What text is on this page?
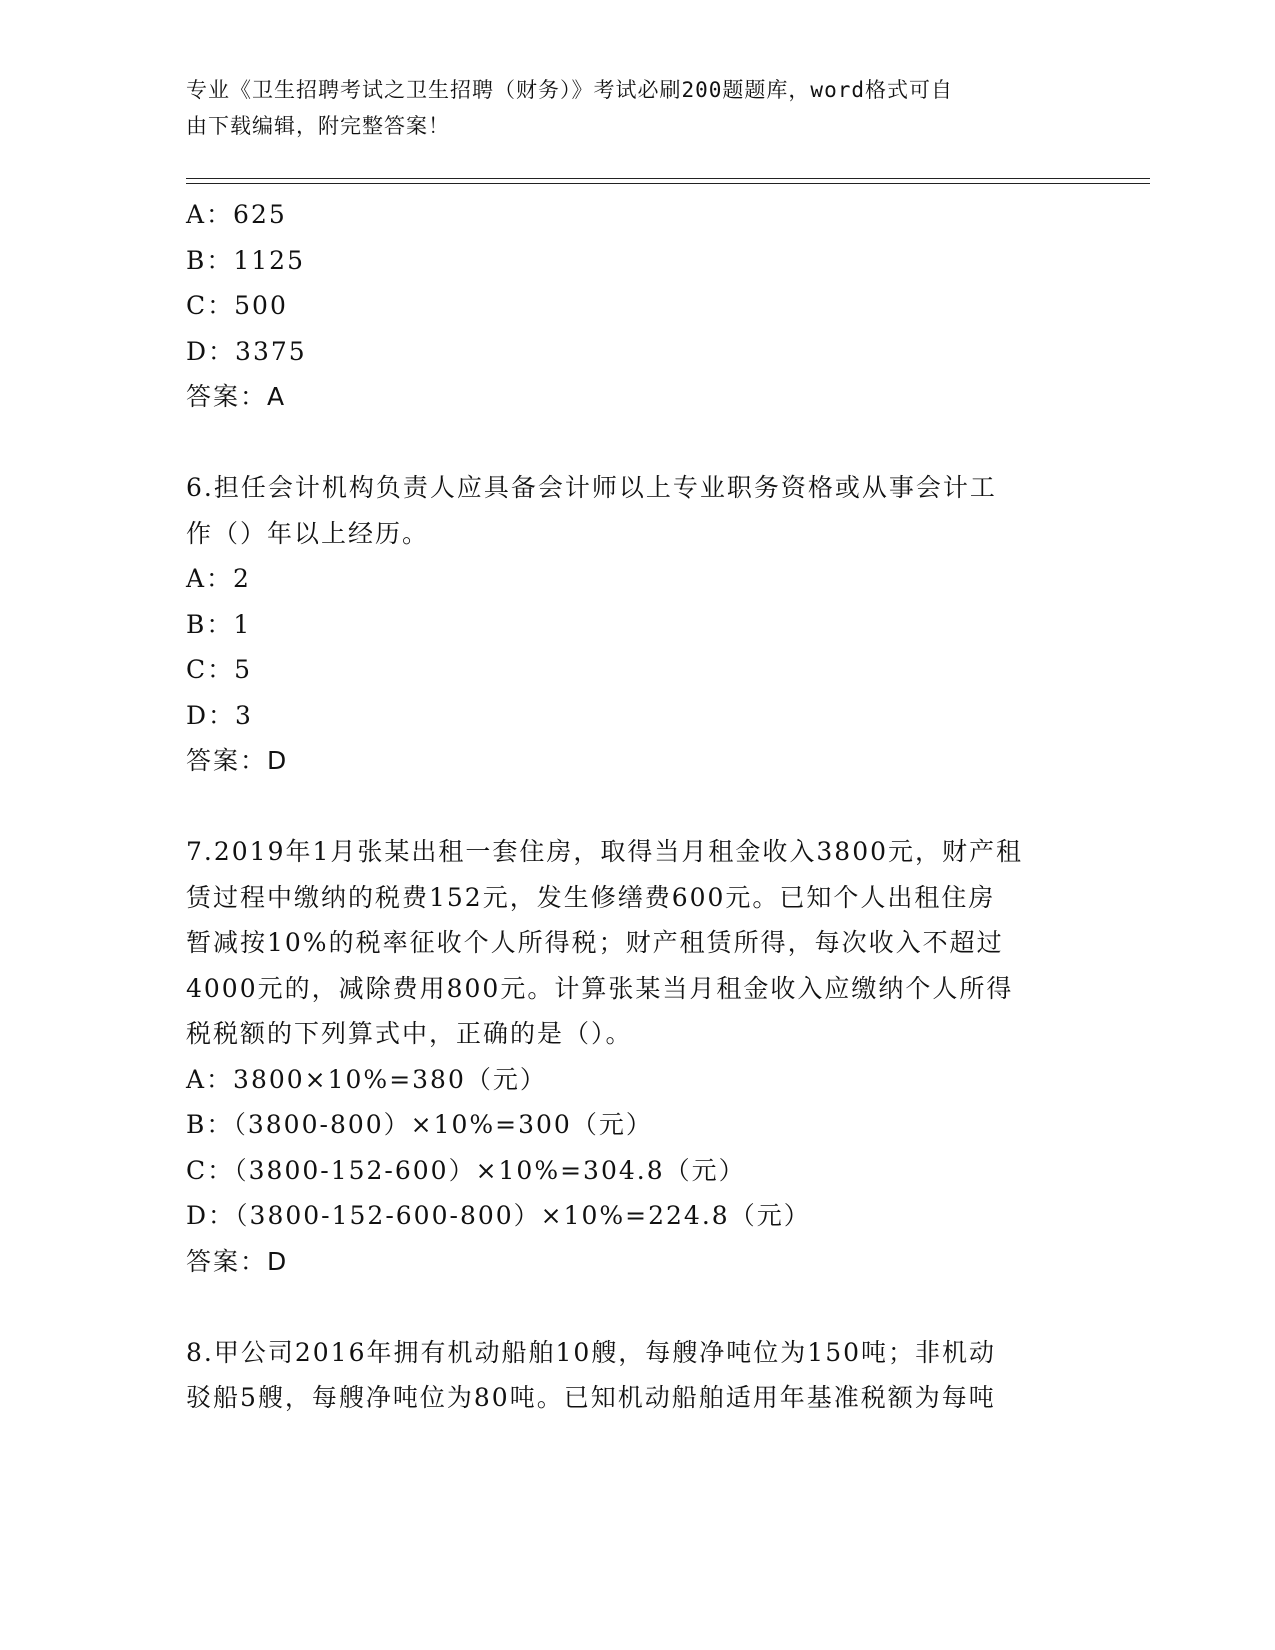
专业《卫生招聘考试之卫生招聘（财务）》考试必刷200题题库，word格式可自
由下载编辑，附完整答案！
A：625
B：1125
C：500
D：3375
答案：A
6.担任会计机构负责人应具备会计师以上专业职务资格或从事会计工
作（）年以上经历。
A：2
B：1
C：5
D：3
答案：D
7.2019年1月张某出租一套住房，取得当月租金收入3800元，财产租
赁过程中缴纳的税费152元，发生修缮费600元。已知个人出租住房
暂减按10%的税率征收个人所得税；财产租赁所得，每次收入不超过
4000元的，减除费用800元。计算张某当月租金收入应缴纳个人所得
税税额的下列算式中，正确的是（）。
A：3800×10%=380（元）
B：（3800-800）×10%=300（元）
C：（3800-152-600）×10%=304.8（元）
D：（3800-152-600-800）×10%=224.8（元）
答案：D
8.甲公司2016年拥有机动船舶10艘，每艘净吨位为150吨；非机动
驳船5艘，每艘净吨位为80吨。已知机动船舶适用年基准税额为每吨
